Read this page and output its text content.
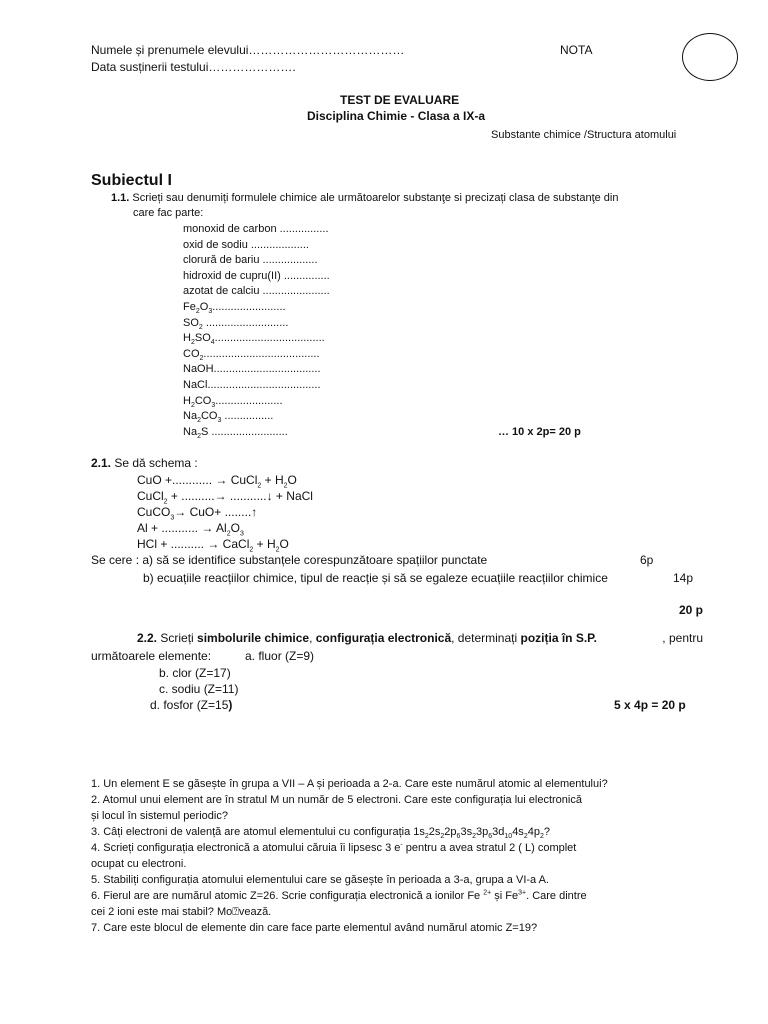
Numele și prenumele elevului…………………………………
Data susținerii testului………………….
NOTA
TEST DE EVALUARE
Disciplina Chimie - Clasa a IX-a
Substante chimice /Structura atomului
Subiectul I
1.1. Scrieți sau denumiți formulele chimice ale următoarelor substanţe si precizați clasa de substanţe din
care fac parte:
monoxid de carbon ................
oxid de sodiu ...................
clorură de bariu ..................
hidroxid de cupru(II) ...............
azotat de calciu ......................
$Fe_2O_3$........................
$SO_2$ ...........................
$H_2SO_4$....................................
$CO_2$......................................
NaOH...................................
NaCl.....................................
$H_2CO_3$......................
$Na_2CO_3$ ................
$Na_2S$ .........................	… 10 x 2p= 20 p
2.1. Se dă schema :
CuO +............ → CuCl$_2$ + $H_2O$
CuCl$_2$ + ..........→ ...........↓ + NaCl
CuCO$_3$→ CuO+ ........↑
Al + ........... → $Al_2O_3$
HCl + .......... → CaCl$_2$ + $H_2O$
Se cere : a) să se identifice substanțele corespunzătoare spațiilor punctate	6p
b) ecuațiile reacțiilor chimice, tipul de reacție și să se egaleze ecuațiile reacțiilor chimice	14p
20 p
2.2. Scrieți simbolurile chimice, configurația electronică, determinați poziția în S.P.	, pentru
următoarele elemente:	a. fluor (Z=9)
b. clor (Z=17)
c. sodiu (Z=11)
d. fosfor (Z=15)	5 x 4p = 20 p
1. Un element E se găsește în grupa a VII – A și perioada a 2-a. Care este numărul atomic al elementului?
2. Atomul unui element are în stratul M un număr de 5 electroni. Care este configurația lui electronică
și locul în sistemul periodic?
3. Câți electroni de valență are atomul elementului cu configurația $1s_22s_22p_63s_23p_63d_{10}4s_24p_2$?
4. Scrieți configurația electronică a atomului căruia îi lipsesc 3 e- pentru a avea stratul 2 ( L) complet
ocupat cu electroni.
5. Stabiliți configurația atomului elementului care se găsește în perioada a 3-a, grupa a VI-a A.
6. Fierul are are numărul atomic Z=26. Scrie configurația electronică a ionilor Fe $^{2+}$ și $Fe^{3+}$. Care dintre
cei 2 ioni este mai stabil? Mo⍰vează.
7. Care este blocul de elemente din care face parte elementul având numărul atomic Z=19?
